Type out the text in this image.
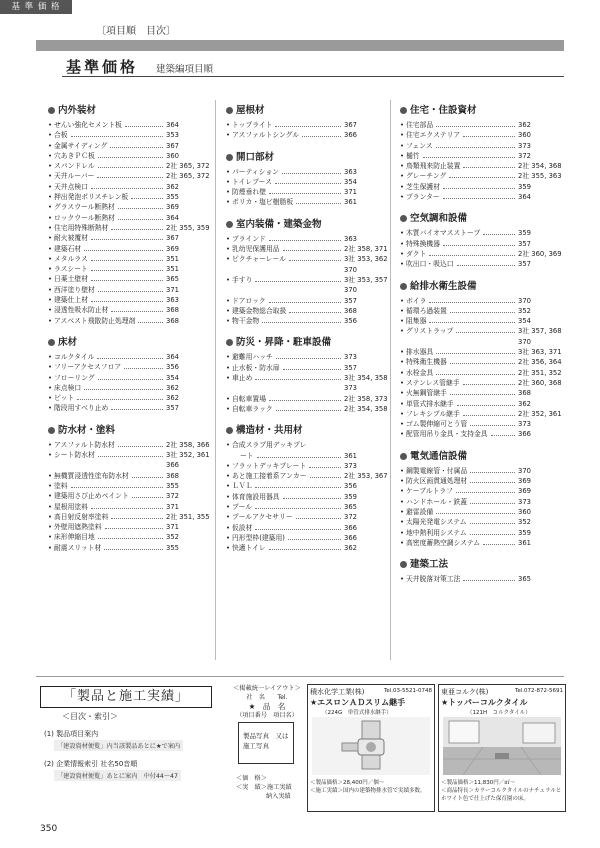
基 準 価 格
〔項目順　目次〕
基準価格 建築編項目順
内外装材
• せんい強化セメント板	364
• 合板	353
• 金属サイディング	367
• 穴あきＰＣ板	360
• スパンドレル	2社 365, 372
• 天井ルーバー	2社 365, 372
• 天井点検口	362
• 押出発泡ポリスチレン板	355
• グラスウール断熱材	369
• ロックウール断熱材	364
• 住宅用特殊断熱材	2社 355, 359
• 耐火被覆材	367
• 建築石材	369
• メタルラス	351
• ラスシート	351
• 日薬土壁材	365
• 西洋塗り壁材	371
• 建築仕上材	363
• 浸透性吸水防止材	368
• アスベスト飛散防止処理剤	368
床材
• コルクタイル	364
• フリーアクセスフロア	356
• フローリング	354
• 床点検口	362
• ピット	362
• 階段用すべり止め	357
防水材・塗料
• アスファルト防水材	2社 358, 366
• シート防水材	3社 352, 361
366
• 無機質浸透性塗布防水材	368
• 塗料	355
• 建築用さび止めペイント	372
• 屋根用塗料	371
• 高日射反射率塗料	2社 351, 355
• 外壁用遮熱塗料	371
• 床形伸縮目地	352
• 耐震スリット材	355
屋根材
• トップライト	367
• アスファルトシングル	366
開口部材
• パーティション	363
• トイレブース	354
• 防煙垂れ壁	371
• ポリカ・塩ビ樹脂板	361
室内装備・建築金物
• ブラインド	363
• 乳幼児保護用品	2社 358, 371
• ピクチャーレール	3社 353, 362
370
• 手すり	3社 353, 357
370
• ドアロック	357
• 建築金物総合取扱	368
• 物干金物	356
防災・昇降・駐車設備
• 避難用ハッチ	373
• 止水板・防水扉	357
• 車止め	3社 354, 358
373
• 自転車置場	2社 358, 373
• 自転車ラック	2社 354, 358
構造材・共用材
• 合成スラブ用デッキプレ
ート	361
• フラットデッキプレート	373
• あと施工接着系アンカー	2社 353, 367
• ＬＶＬ	356
• 体育施設用器具	359
• プール	365
• プールアクセサリー	372
• 仮設材	366
• 円形型枠(建築用)	366
• 快適トイレ	362
住宅・住設資材
• 住宅部品	362
• 住宅エクステリア	360
• フェンス	373
• 樋竹	372
• 鳥類飛来防止装置	2社 354, 368
• グレーチング	2社 355, 363
• 芝生保護材	359
• プランター	364
空気調和設備
• 木質バイオマスストーブ	359
• 特殊換機器	357
• ダクト	2社 360, 369
• 吹出口・吸込口	357
給排水衛生設備
• ボイラ	370
• 循環ろ過装置	352
• 阻集器	354
• グリストラップ	3社 357, 368
370
• 排水器具	3社 363, 371
• 特殊衛生機器	2社 356, 364
• 水栓金具	2社 351, 352
• ステンレス管継手	2社 360, 368
• 火無鋼管継手	368
• 単管式排水継手	362
• フレキシブル継手	2社 352, 361
• ゴム製伸縮可とう管	373
• 配管用吊り金具・支持金具	366
電気通信設備
• 鋼製電線管・付属品	370
• 防火区画貫通処理材	369
• ケーブルトラフ	369
• ハンドホール・鉄蓋	373
• 避雷設備	360
• 太陽光発電システム	352
• 地中熱利用システム	359
• 高密度蓄熱空調システム	361
建築工法
• 天井脱落対策工法	365
「製品と施工実績」
＜目次・索引＞
(1) 製品項目案内
「建設資材便覧」内当該製品あとに★で案内
(2) 企業情報索引 社名50音順
「建設資材便覧」あとに案内　中付44～47
＜掲載統一レイアウト＞
社　名　　Tel.
★　品　名
（項目番号　項目名）
製品写真　又は
施工写真
＜価　格＞
＜実　績＞施工実績
納入実績
積水化学工業(株)	Tel.03-5521-0748
★エスロンＡＤスリム継手
（224G　単管式排水継手）
＜製品価格＞28,400円／個～
＜施工実績＞国内の建築物排水管で実績多数。
東亜コルク(株)	Tel.072-872-5691
★トッパーコルクタイル
（121H　コルクタイル）
＜製品価格＞11,830円／㎡～
＜商品特長＞カラーコルクタイルのナチュラルとホワイト色で仕上げた保育園の床。
350
